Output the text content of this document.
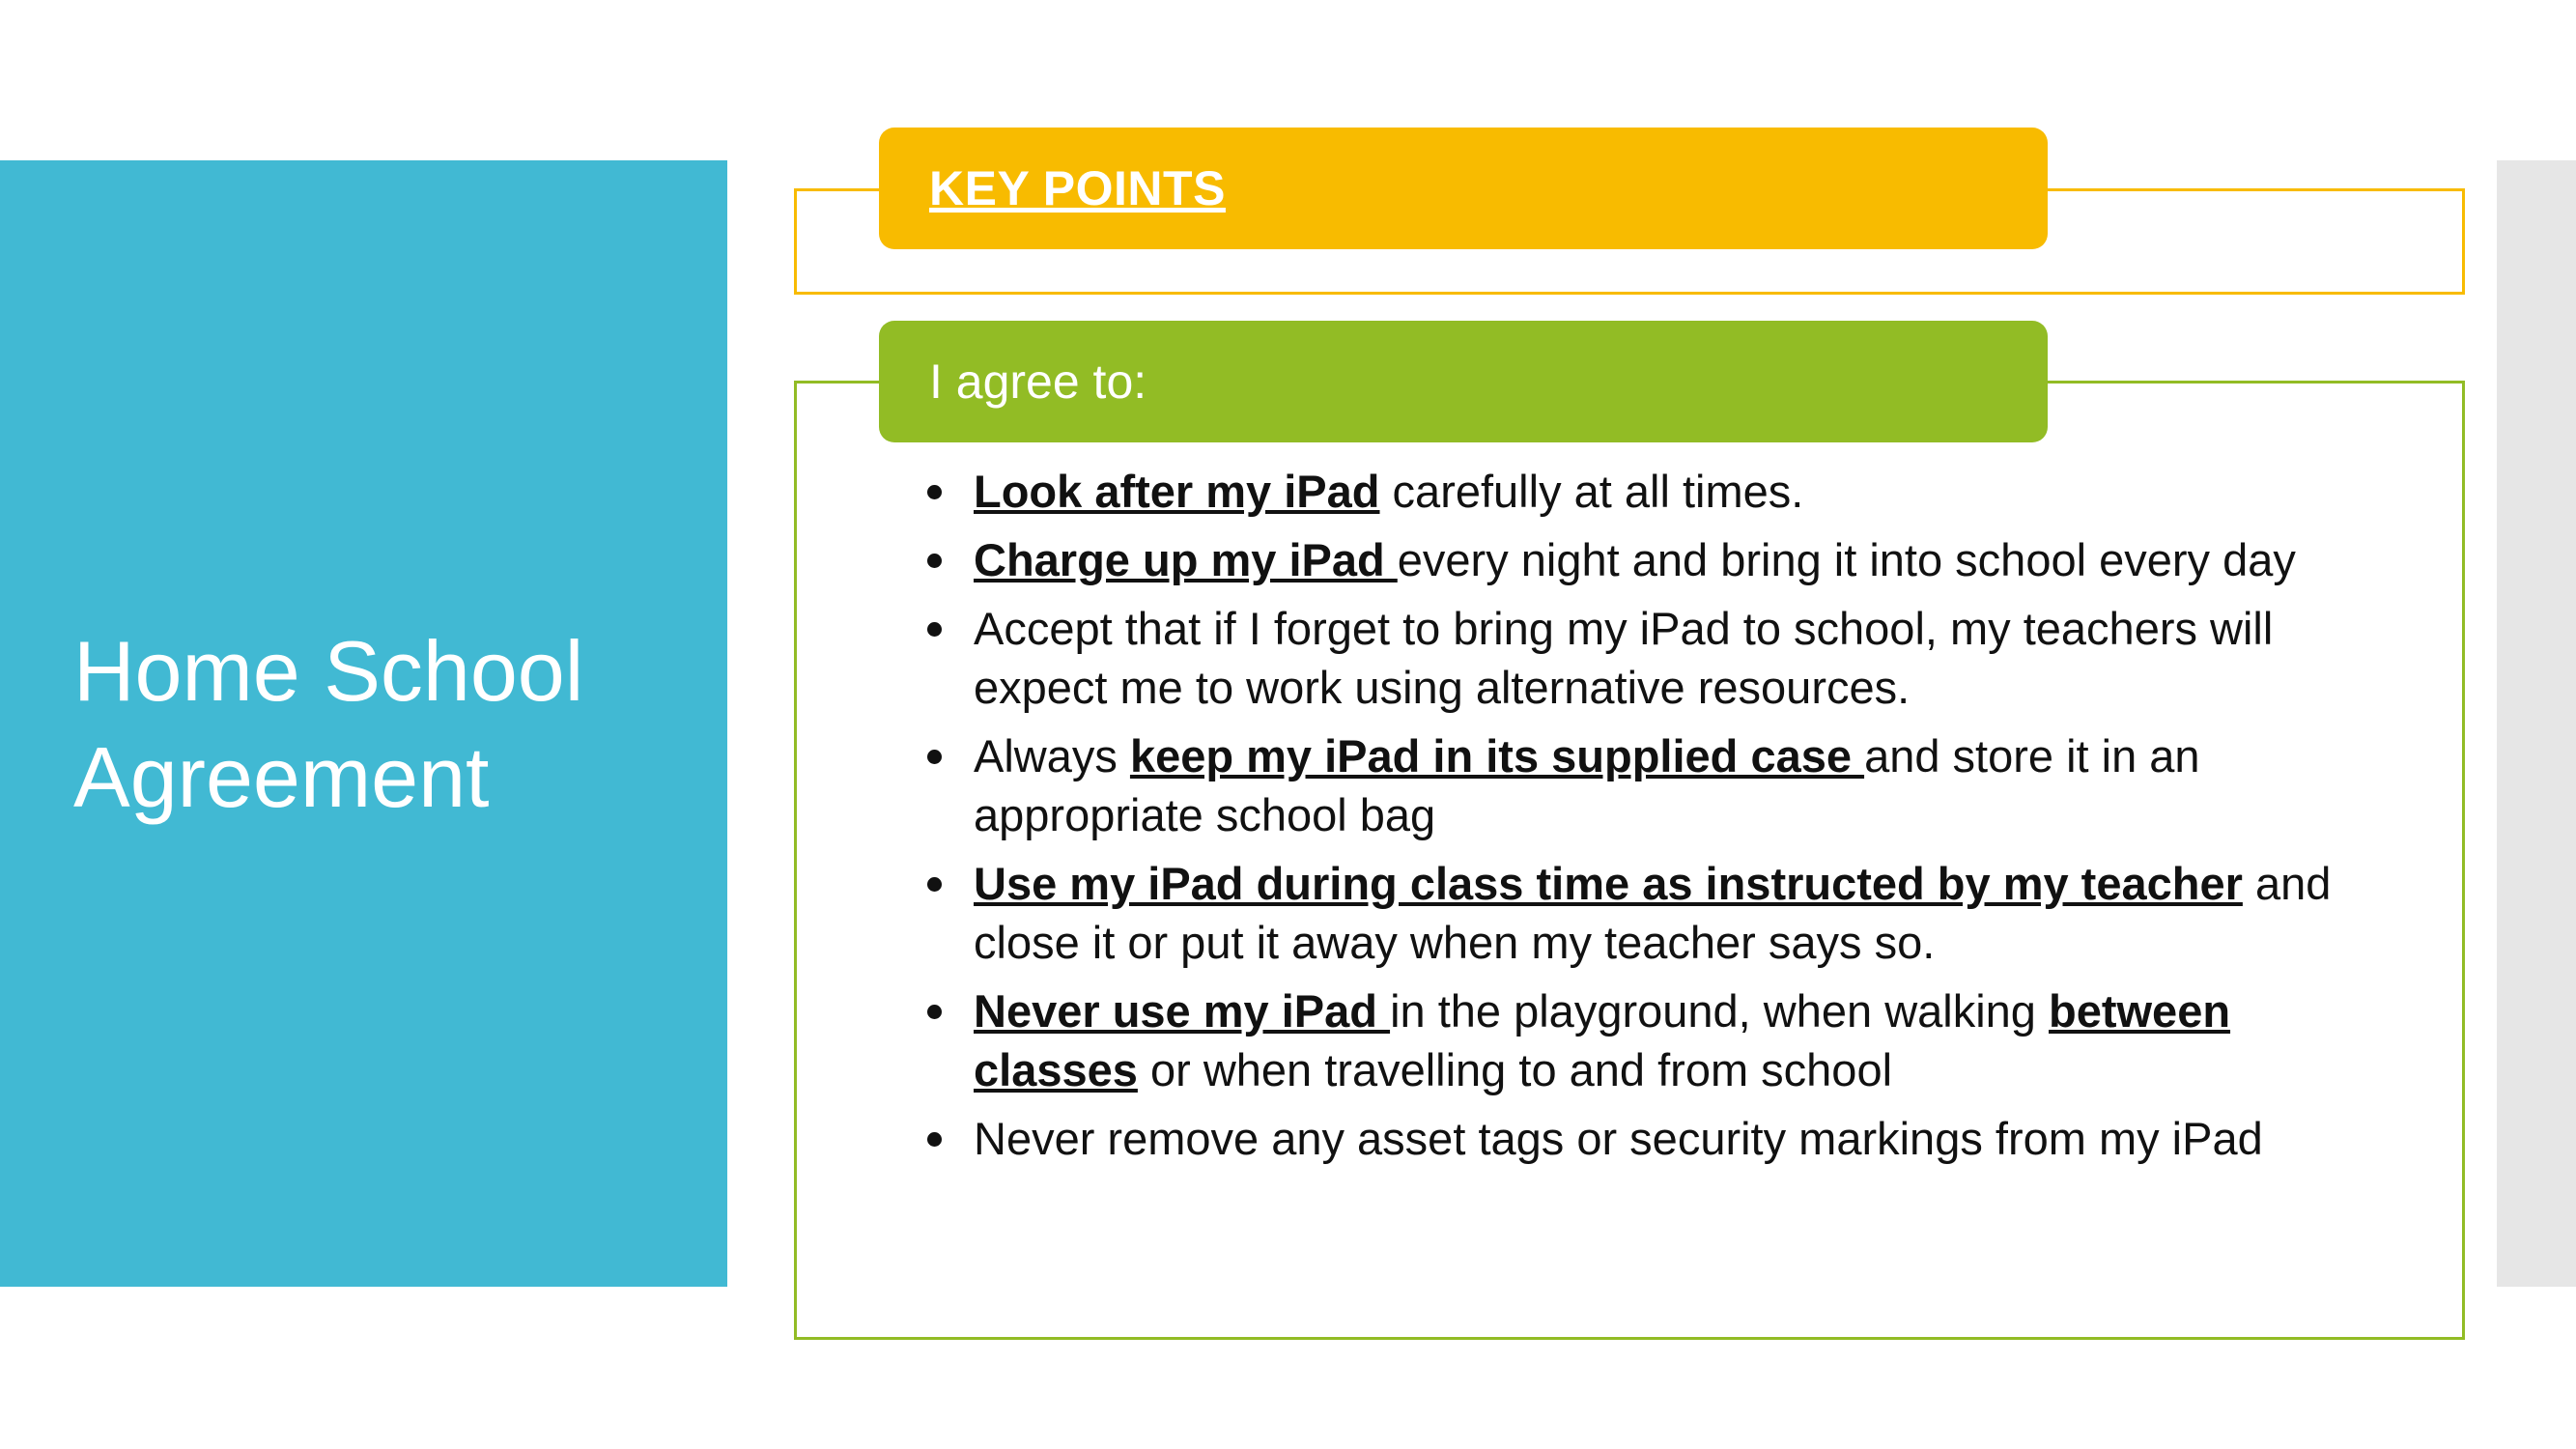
Home School Agreement
KEY POINTS
I agree to:
Look after my iPad carefully at all times.
Charge up my iPad every night and bring it into school every day
Accept that if I forget to bring my iPad to school, my teachers will expect me to work using alternative resources.
Always keep my iPad in its supplied case and store it in an appropriate school bag
Use my iPad during class time as instructed by my teacher and close it or put it away when my teacher says so.
Never use my iPad in the playground, when walking between classes or when travelling to and from school
Never remove any asset tags or security markings from my iPad
